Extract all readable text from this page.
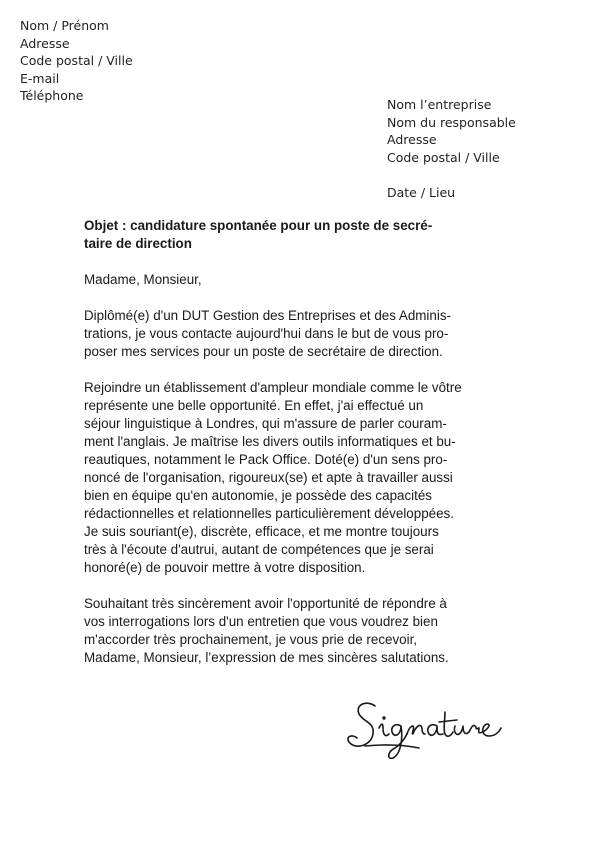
Nom / Prénom
Adresse
Code postal / Ville
E-mail
Téléphone
Nom l’entreprise
Nom du responsable
Adresse
Code postal / Ville
Date / Lieu
Objet : candidature spontanée pour un poste de secré-
taire de direction
Madame, Monsieur,
Diplômé(e) d'un DUT Gestion des Entreprises et des Adminis-
trations, je vous contacte aujourd'hui dans le but de vous pro-
poser mes services pour un poste de secrétaire de direction.
Rejoindre un établissement d'ampleur mondiale comme le vôtre
représente une belle opportunité. En effet, j'ai effectué un
séjour linguistique à Londres, qui m'assure de parler couram-
ment l'anglais. Je maîtrise les divers outils informatiques et bu-
reautiques, notamment le Pack Office. Doté(e) d'un sens pro-
noncé de l'organisation, rigoureux(se) et apte à travailler aussi
bien en équipe qu'en autonomie, je possède des capacités
rédactionnelles et relationnelles particulièrement développées.
Je suis souriant(e), discrète, efficace, et me montre toujours
très à l'écoute d'autrui, autant de compétences que je serai
honoré(e) de pouvoir mettre à votre disposition.
Souhaitant très sincèrement avoir l'opportunité de répondre à
vos interrogations lors d'un entretien que vous voudrez bien
m'accorder très prochainement, je vous prie de recevoir,
Madame, Monsieur, l’expression de mes sincères salutations.
